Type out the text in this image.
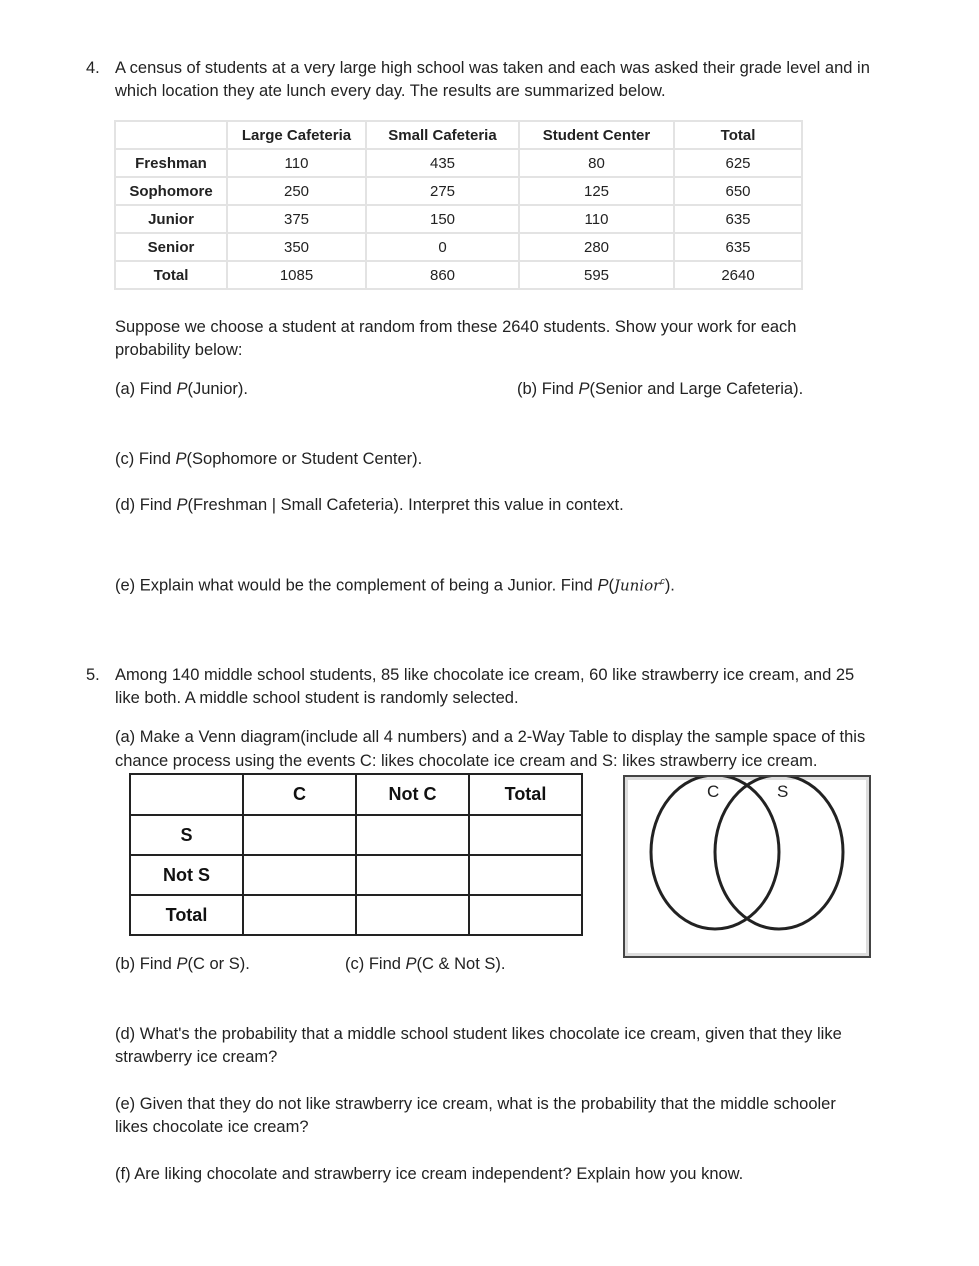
4. A census of students at a very large high school was taken and each was asked their grade level and in
which location they ate lunch every day. The results are summarized below.
	Large Cafeteria	Small Cafeteria	Student Center	Total
Freshman	110	435	80	625
Sophomore	250	275	125	650
Junior	375	150	110	635
Senior	350	0	280	635
Total	1085	860	595	2640
Suppose we choose a student at random from these 2640 students. Show your work for each
probability below:
(a) Find P(Junior).	(b) Find P(Senior and Large Cafeteria).
(c) Find P(Sophomore or Student Center).
(d) Find P(Freshman | Small Cafeteria). Interpret this value in context.
(e) Explain what would be the complement of being a Junior. Find P(Junior$^c$).
5. Among 140 middle school students, 85 like chocolate ice cream, 60 like strawberry ice cream, and 25
like both. A middle school student is randomly selected.
(a) Make a Venn diagram(include all 4 numbers) and a 2-Way Table to display the sample space of this
chance process using the events C: likes chocolate ice cream and S: likes strawberry ice cream.
	C	Not C	Total
S			
Not S			
Total			
C	S
(b) Find P(C or S).	(c) Find P(C & Not S).
(d) What's the probability that a middle school student likes chocolate ice cream, given that they like
strawberry ice cream?
(e) Given that they do not like strawberry ice cream, what is the probability that the middle schooler
likes chocolate ice cream?
(f) Are liking chocolate and strawberry ice cream independent? Explain how you know.
